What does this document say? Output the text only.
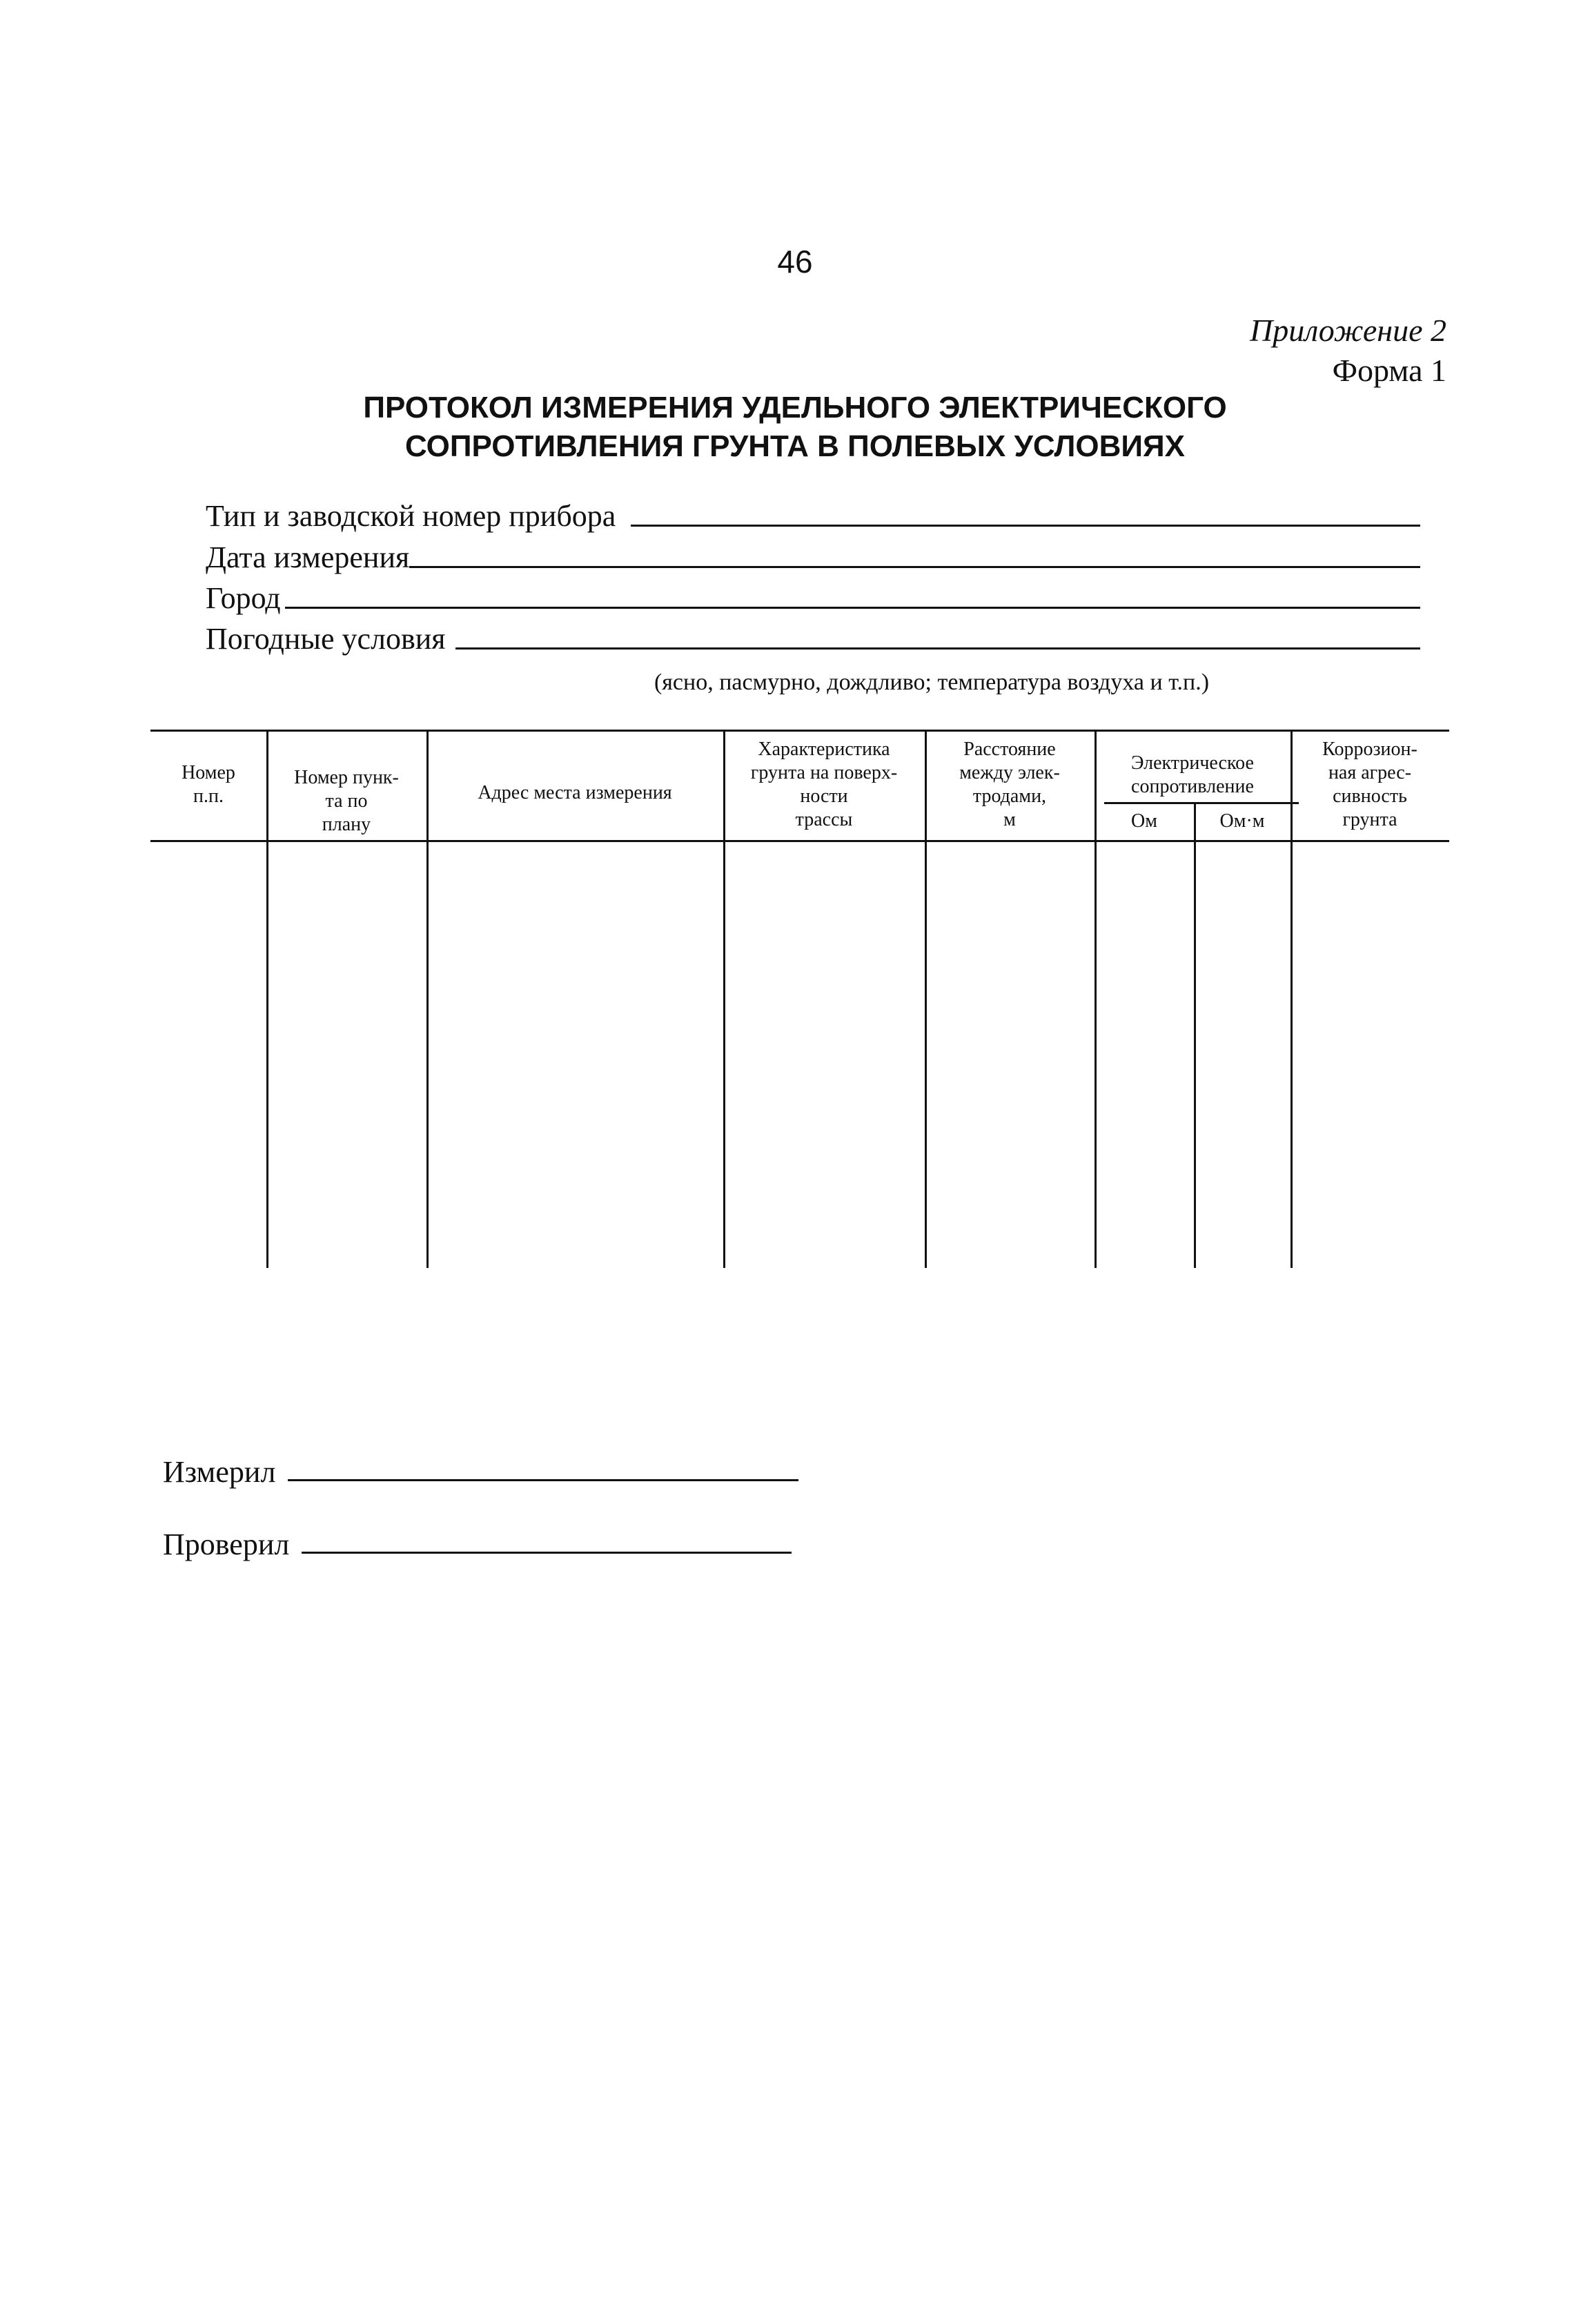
46
Приложение 2
Форма 1
ПРОТОКОЛ ИЗМЕРЕНИЯ УДЕЛЬНОГО ЭЛЕКТРИЧЕСКОГО
СОПРОТИВЛЕНИЯ ГРУНТА В ПОЛЕВЫХ УСЛОВИЯХ
Тип и заводской номер прибора
Дата измерения
Город
Погодные условия
(ясно, пасмурно, дождливо; температура воздуха и т.п.)
Номер
п.п.
Номер пунк-
та по
плану
Адрес места измерения
Характеристика
грунта на поверх-
ности
трассы
Расстояние
между элек-
тродами,
м
Электрическое
сопротивление
Ом	Ом·м
Коррозион-
ная агрес-
сивность
грунта
Измерил
Проверил
